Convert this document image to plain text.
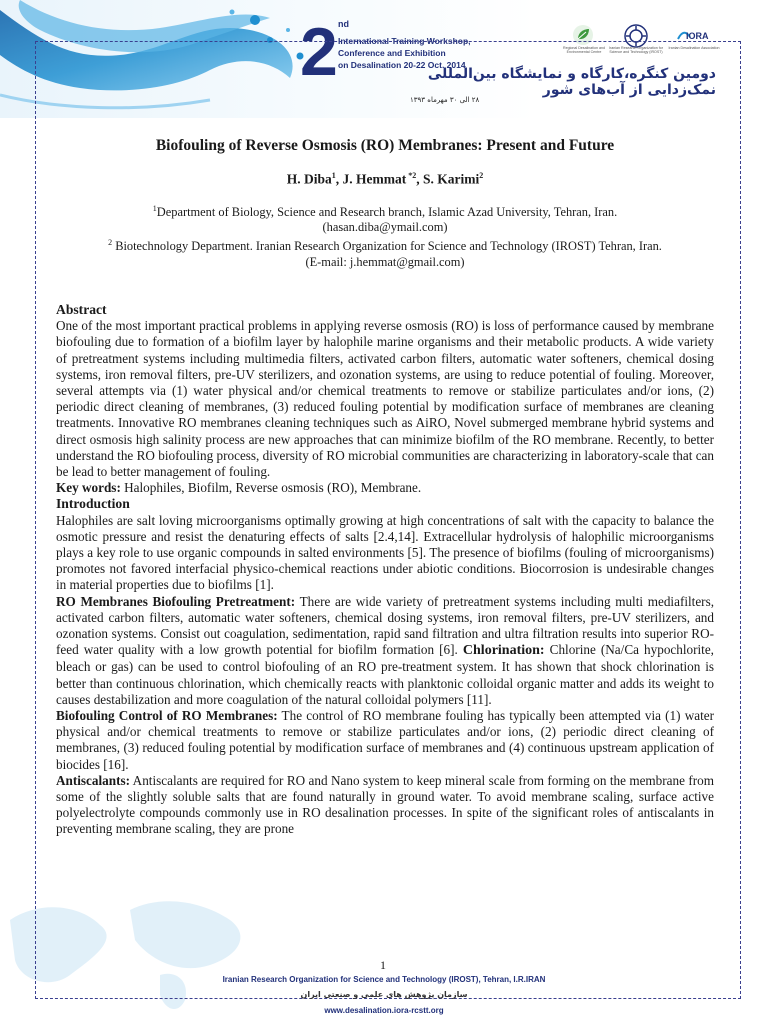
2 nd
International Training Workshop,
Conference and Exhibition
on Desalination 20-22 Oct. 2014
Regional Desalination and Environmental Centre
Iranian Research Organization for Science and Technology (IROST)
IORA
Iranian Desalination Association
دومین کنگره،کارگاه و نمایشگاه بین‌المللی
نمک‌زدایی از آب‌های شور
۲۸ الی ۳۰ مهرماه ۱۳۹۳
Biofouling of Reverse Osmosis (RO) Membranes: Present and Future
H. Diba$^1$, J. Hemmat $^{*2}$, S. Karimi$^2$

$^1$Department of Biology, Science and Research branch, Islamic Azad University, Tehran, Iran.

(hasan.diba@ymail.com)

$^2$ Biotechnology Department. Iranian Research Organization for Science and Technology (IROST) Tehran, Iran.

(E-mail: j.hemmat@gmail.com)

Abstract

One of the most important practical problems in applying reverse osmosis (RO) is loss of performance caused by membrane biofouling due to formation of a biofilm layer by halophile marine organisms and their metabolic products. A wide variety of pretreatment systems including multimedia filters, activated carbon filters, automatic water softeners, chemical dosing systems, iron removal filters, pre-UV sterilizers, and ozonation systems, are using to reduce potential of fouling. Moreover, several attempts via (1) water physical and/or chemical treatments to remove or stabilize particulates and/or ions, (2) periodic direct cleaning of membranes, (3) reduced fouling potential by modification surface of membranes are cleaning treatments. Innovative RO membranes cleaning techniques such as AiRO, Novel submerged membrane hybrid systems and direct osmosis high salinity process are new approaches that can minimize biofilm of the RO membrane. Recently, to better understand the RO biofouling process, diversity of RO microbial communities are characterizing in laboratory-scale that can be lead to better management of fouling.

Key words: Halophiles, Biofilm, Reverse osmosis (RO), Membrane.

Introduction

Halophiles are salt loving microorganisms optimally growing at high concentrations of salt with the capacity to balance the osmotic pressure and resist the denaturing effects of salts [2.4,14]. Extracellular hydrolysis of halophilic microorganisms plays a key role to use organic compounds in salted environments [5]. The presence of biofilms (fouling of microorganisms) promotes not favored interfacial physico-chemical reactions under abiotic conditions. Biocorrosion is undesirable changes in material properties due to biofilms [1].

RO Membranes Biofouling Pretreatment: There are wide variety of pretreatment systems including multi mediafilters, activated carbon filters, automatic water softeners, chemical dosing systems, iron removal filters, pre-UV sterilizers, and ozonation systems. Consist out coagulation, sedimentation, rapid sand filtration and ultra filtration results into superior RO-feed water quality with a low growth potential for biofilm formation [6]. Chlorination: Chlorine (Na/Ca hypochlorite, bleach or gas) can be used to control biofouling of an RO pre-treatment system. It has shown that shock chlorination is better than continuous chlorination, which chemically reacts with planktonic colloidal organic matter and adds its weight to causes destabilization and more coagulation of the natural colloidal polymers [11].

Biofouling Control of RO Membranes: The control of RO membrane fouling has typically been attempted via (1) water physical and/or chemical treatments to remove or stabilize particulates and/or ions, (2) periodic direct cleaning of membranes, (3) reduced fouling potential by modification surface of membranes and (4) continuous upstream application of biocides [16].

Antiscalants: Antiscalants are required for RO and Nano system to keep mineral scale from forming on the membrane from some of the slightly soluble salts that are found naturally in ground water. To avoid membrane scaling, surface active polyelectrolyte compounds commonly use in RO desalination processes. In spite of the significant roles of antiscalants in preventing membrane scaling, they are prone

1
Iranian Research Organization for Science and Technology (IROST), Tehran, I.R.IRAN
سازمان پژوهش های علمی و صنعتی ایران
www.desalination.iora-rcstt.org
